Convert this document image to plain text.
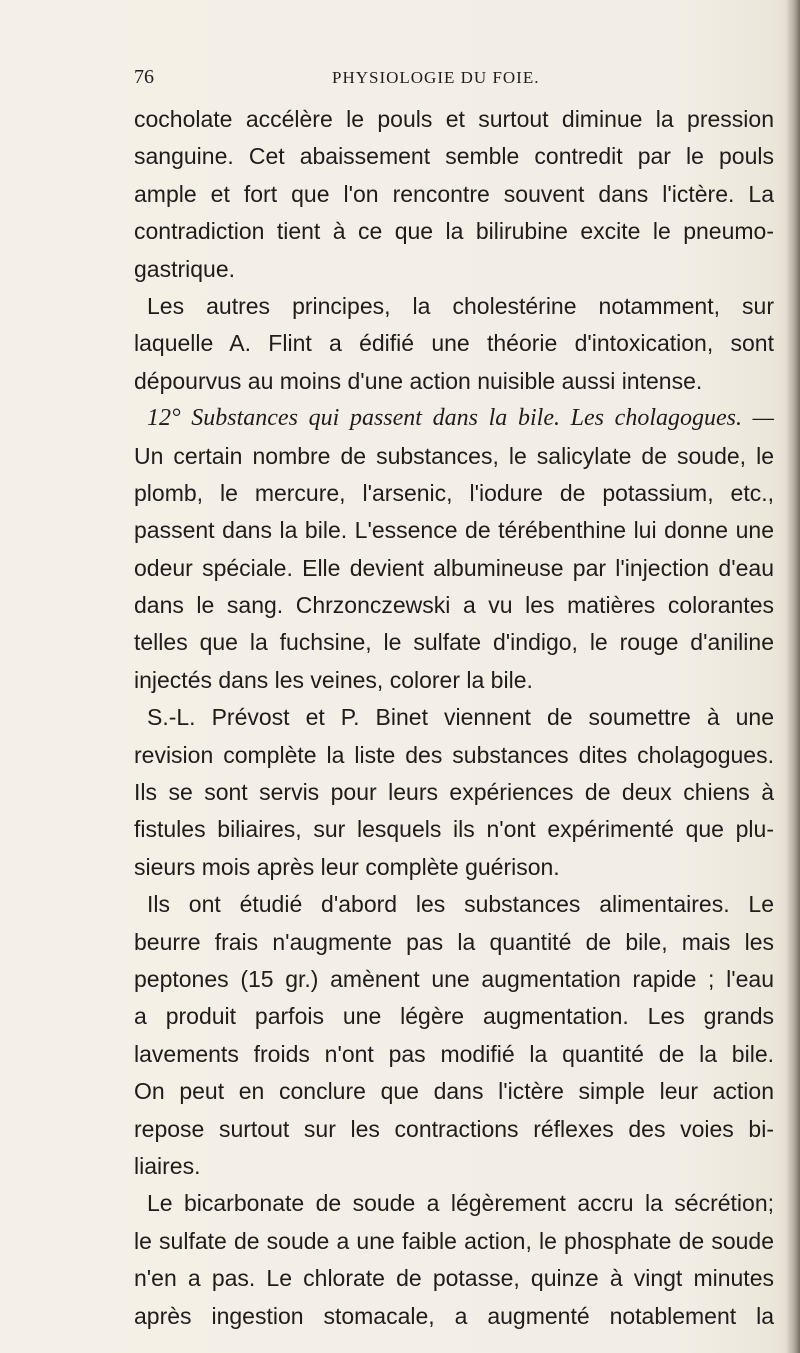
76	PHYSIOLOGIE DU FOIE.
cocholate accélère le pouls et surtout diminue la pression
sanguine. Cet abaissement semble contredit par le pouls
ample et fort que l'on rencontre souvent dans l'ictère. La
contradiction tient à ce que la bilirubine excite le pneumo-
gastrique.
Les autres principes, la cholestérine notamment, sur
laquelle A. Flint a édifié une théorie d'intoxication, sont
dépourvus au moins d'une action nuisible aussi intense.
12° Substances qui passent dans la bile. Les cholagogues. —
Un certain nombre de substances, le salicylate de soude, le
plomb, le mercure, l'arsenic, l'iodure de potassium, etc.,
passent dans la bile. L'essence de térébenthine lui donne une
odeur spéciale. Elle devient albumineuse par l'injection d'eau
dans le sang. Chrzonczewski a vu les matières colorantes
telles que la fuchsine, le sulfate d'indigo, le rouge d'aniline
injectés dans les veines, colorer la bile.
S.-L. Prévost et P. Binet viennent de soumettre à une
revision complète la liste des substances dites cholagogues.
Ils se sont servis pour leurs expériences de deux chiens à
fistules biliaires, sur lesquels ils n'ont expérimenté que plu-
sieurs mois après leur complète guérison.
Ils ont étudié d'abord les substances alimentaires. Le
beurre frais n'augmente pas la quantité de bile, mais les
peptones (15 gr.) amènent une augmentation rapide ; l'eau
a produit parfois une légère augmentation. Les grands
lavements froids n'ont pas modifié la quantité de la bile.
On peut en conclure que dans l'ictère simple leur action
repose surtout sur les contractions réflexes des voies bi-
liaires.
Le bicarbonate de soude a légèrement accru la sécrétion;
le sulfate de soude a une faible action, le phosphate de soude
n'en a pas. Le chlorate de potasse, quinze à vingt minutes
après ingestion stomacale, a augmenté notablement la
